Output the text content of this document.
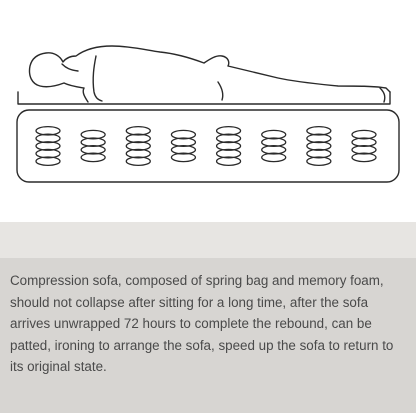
Compression sofa, composed of spring bag and memory foam, should not collapse after sitting for a long time, after the sofa arrives unwrapped 72 hours to complete the rebound, can be patted, ironing to arrange the sofa, speed up the sofa to return to its original state.
